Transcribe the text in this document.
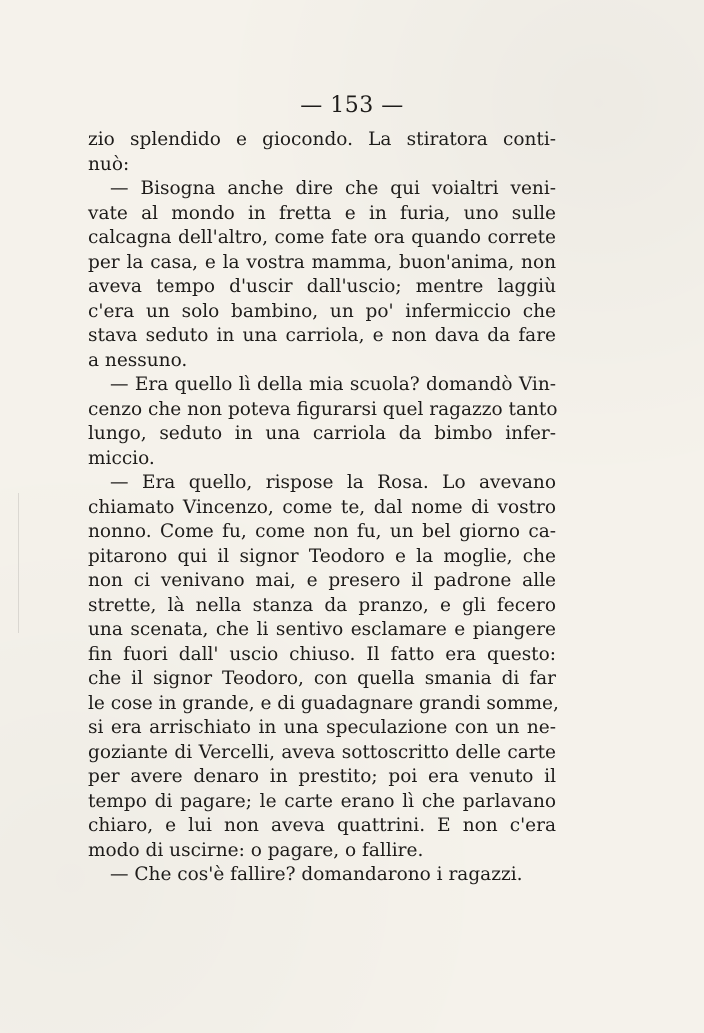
— 153 —
zio splendido e giocondo. La stiratora conti-
nuò:
— Bisogna anche dire che qui voialtri veni-
vate al mondo in fretta e in furia, uno sulle
calcagna dell'altro, come fate ora quando correte
per la casa, e la vostra mamma, buon'anima, non
aveva tempo d'uscir dall'uscio; mentre laggiù
c'era un solo bambino, un po' infermiccio che
stava seduto in una carriola, e non dava da fare
a nessuno.
— Era quello lì della mia scuola? domandò Vin-
cenzo che non poteva figurarsi quel ragazzo tanto
lungo, seduto in una carriola da bimbo infer-
miccio.
— Era quello, rispose la Rosa. Lo avevano
chiamato Vincenzo, come te, dal nome di vostro
nonno. Come fu, come non fu, un bel giorno ca-
pitarono qui il signor Teodoro e la moglie, che
non ci venivano mai, e presero il padrone alle
strette, là nella stanza da pranzo, e gli fecero
una scenata, che li sentivo esclamare e piangere
fin fuori dall' uscio chiuso. Il fatto era questo:
che il signor Teodoro, con quella smania di far
le cose in grande, e di guadagnare grandi somme,
si era arrischiato in una speculazione con un ne-
goziante di Vercelli, aveva sottoscritto delle carte
per avere denaro in prestito; poi era venuto il
tempo di pagare; le carte erano lì che parlavano
chiaro, e lui non aveva quattrini. E non c'era
modo di uscirne: o pagare, o fallire.
— Che cos'è fallire? domandarono i ragazzi.
